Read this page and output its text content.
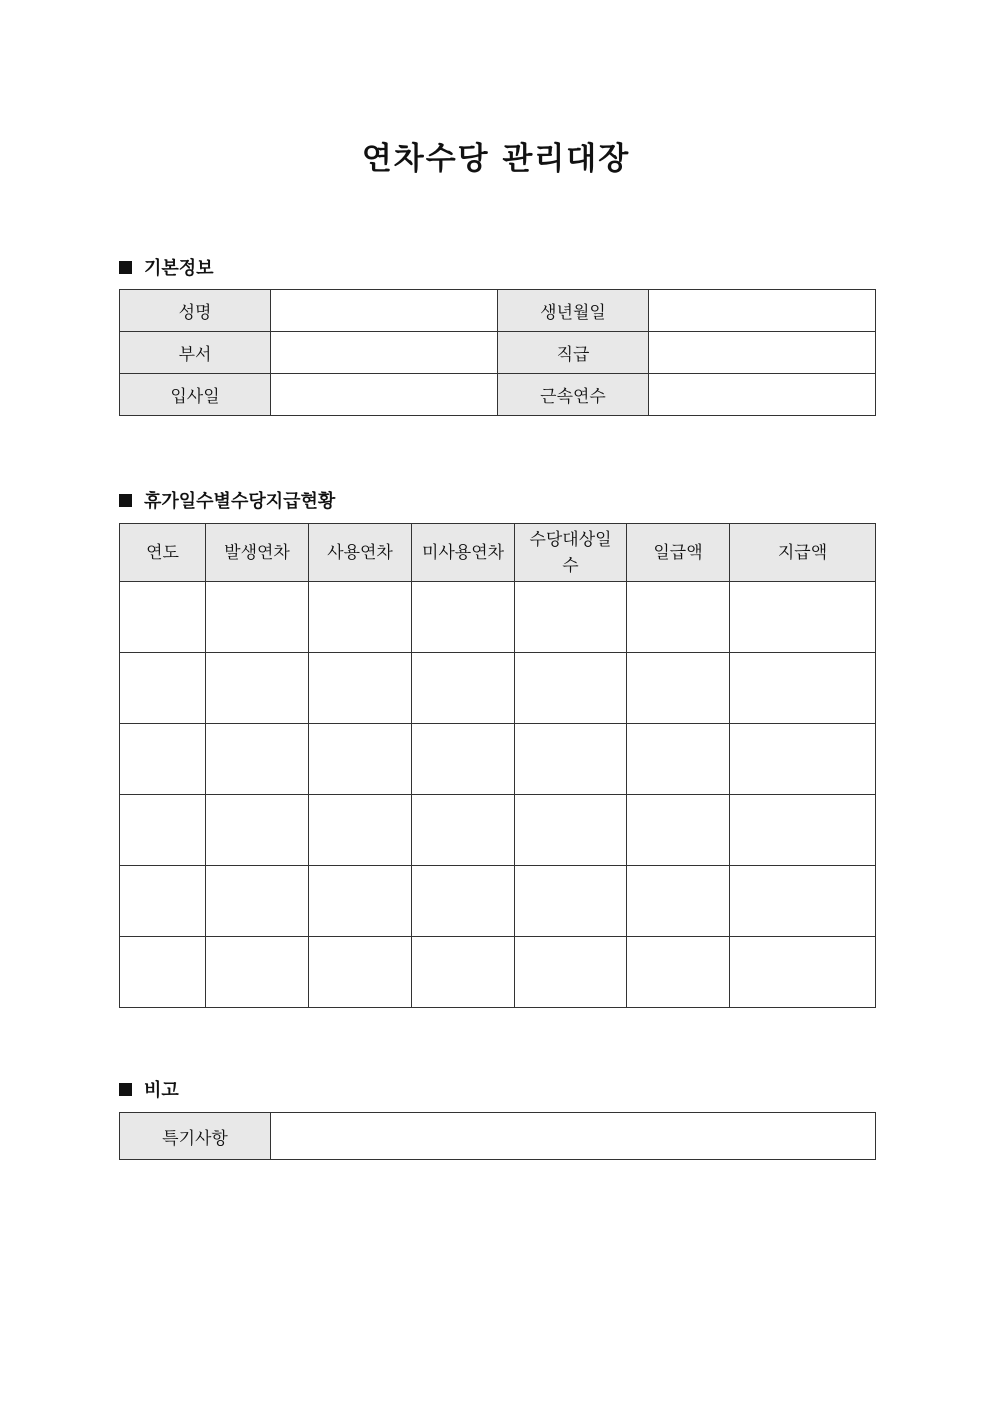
연차수당 관리대장
기본정보
성명		생년월일	
부서		직급	
입사일		근속연수	
휴가일수별수당지급현황
연도	발생연차	사용연차	미사용연차	수당대상일수	일급액	지급액

비고
특기사항	
